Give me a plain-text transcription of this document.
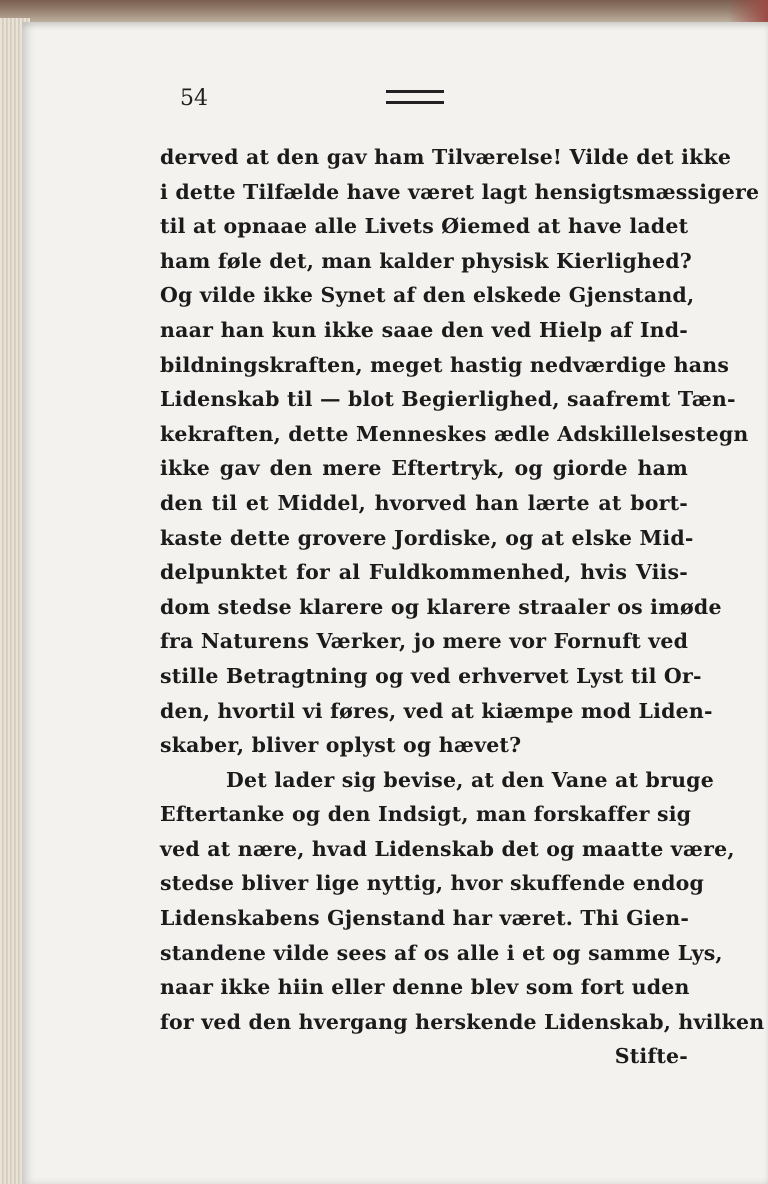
54
derved at den gav ham Tilværelse! Vilde det ikke
i dette Tilfælde have været lagt hensigtsmæssigere
til at opnaae alle Livets Øiemed at have ladet
ham føle det, man kalder physisk Kierlighed?
Og vilde ikke Synet af den elskede Gjenstand,
naar han kun ikke saae den ved Hielp af Ind-
bildningskraften, meget hastig nedværdige hans
Lidenskab til — blot Begierlighed, saafremt Tæn-
kekraften, dette Menneskes ædle Adskillelsestegn
ikke gav den mere Eftertryk, og giorde ham
den til et Middel, hvorved han lærte at bort-
kaste dette grovere Jordiske, og at elske Mid-
delpunktet for al Fuldkommenhed, hvis Viis-
dom stedse klarere og klarere straaler os imøde
fra Naturens Værker, jo mere vor Fornuft ved
stille Betragtning og ved erhvervet Lyst til Or-
den, hvortil vi føres, ved at kiæmpe mod Liden-
skaber, bliver oplyst og hævet?
Det lader sig bevise, at den Vane at bruge
Eftertanke og den Indsigt, man forskaffer sig
ved at nære, hvad Lidenskab det og maatte være,
stedse bliver lige nyttig, hvor skuffende endog
Lidenskabens Gjenstand har været. Thi Gien-
standene vilde sees af os alle i et og samme Lys,
naar ikke hiin eller denne blev som fort uden
for ved den hvergang herskende Lidenskab, hvilken
Stifte-
